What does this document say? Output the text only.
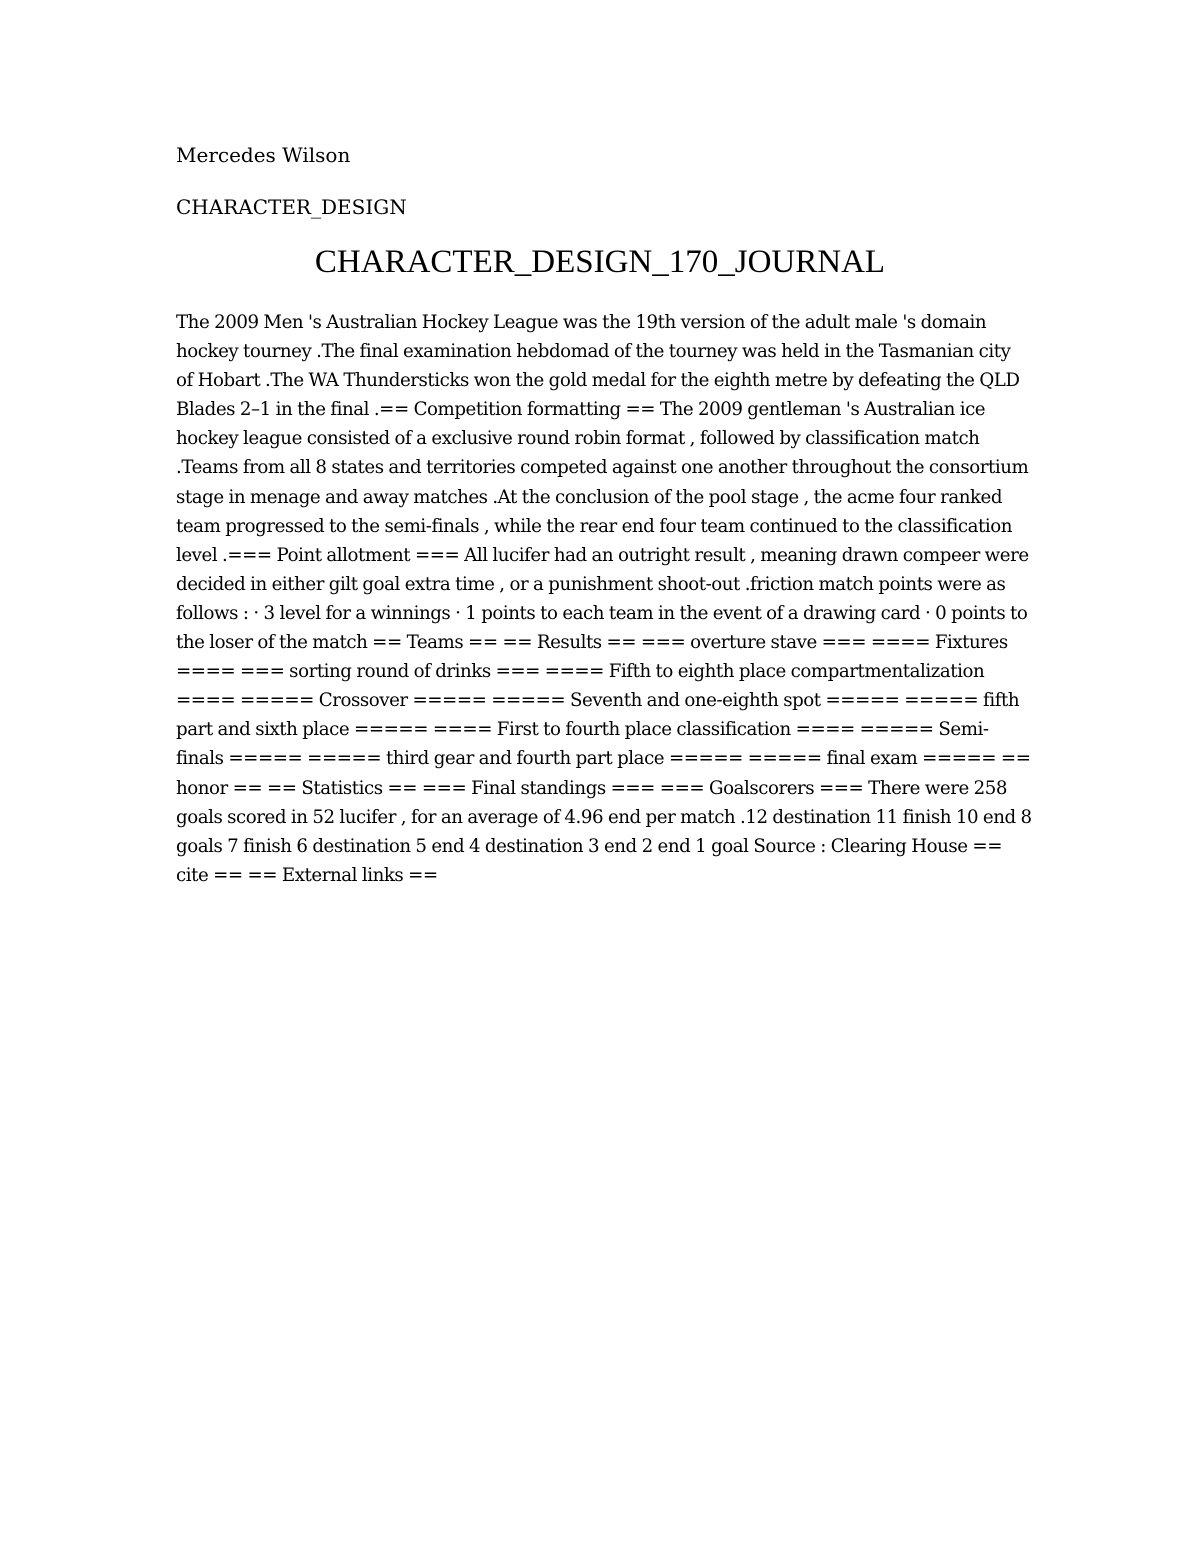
Mercedes Wilson
CHARACTER_DESIGN
CHARACTER_DESIGN_170_JOURNAL

The 2009 Men 's Australian Hockey League was the 19th version of the adult male 's domain hockey tourney .The final examination hebdomad of the tourney was held in the Tasmanian city of Hobart .The WA Thundersticks won the gold medal for the eighth metre by defeating the QLD Blades 2–1 in the final .== Competition formatting == The 2009 gentleman 's Australian ice hockey league consisted of a exclusive round robin format , followed by classification match .Teams from all 8 states and territories competed against one another throughout the consortium stage in menage and away matches .At the conclusion of the pool stage , the acme four ranked team progressed to the semi-finals , while the rear end four team continued to the classification level .=== Point allotment === All lucifer had an outright result , meaning drawn compeer were decided in either gilt goal extra time , or a punishment shoot-out .friction match points were as follows : · 3 level for a winnings · 1 points to each team in the event of a drawing card · 0 points to the loser of the match == Teams == == Results == === overture stave === ==== Fixtures ==== === sorting round of drinks === ==== Fifth to eighth place compartmentalization ==== ===== Crossover ===== ===== Seventh and one-eighth spot ===== ===== fifth part and sixth place ===== ==== First to fourth place classification ==== ===== Semi-finals ===== ===== third gear and fourth part place ===== ===== final exam ===== == honor == == Statistics == === Final standings === === Goalscorers === There were 258 goals scored in 52 lucifer , for an average of 4.96 end per match .12 destination 11 finish 10 end 8 goals 7 finish 6 destination 5 end 4 destination 3 end 2 end 1 goal Source : Clearing House == cite == == External links ==
